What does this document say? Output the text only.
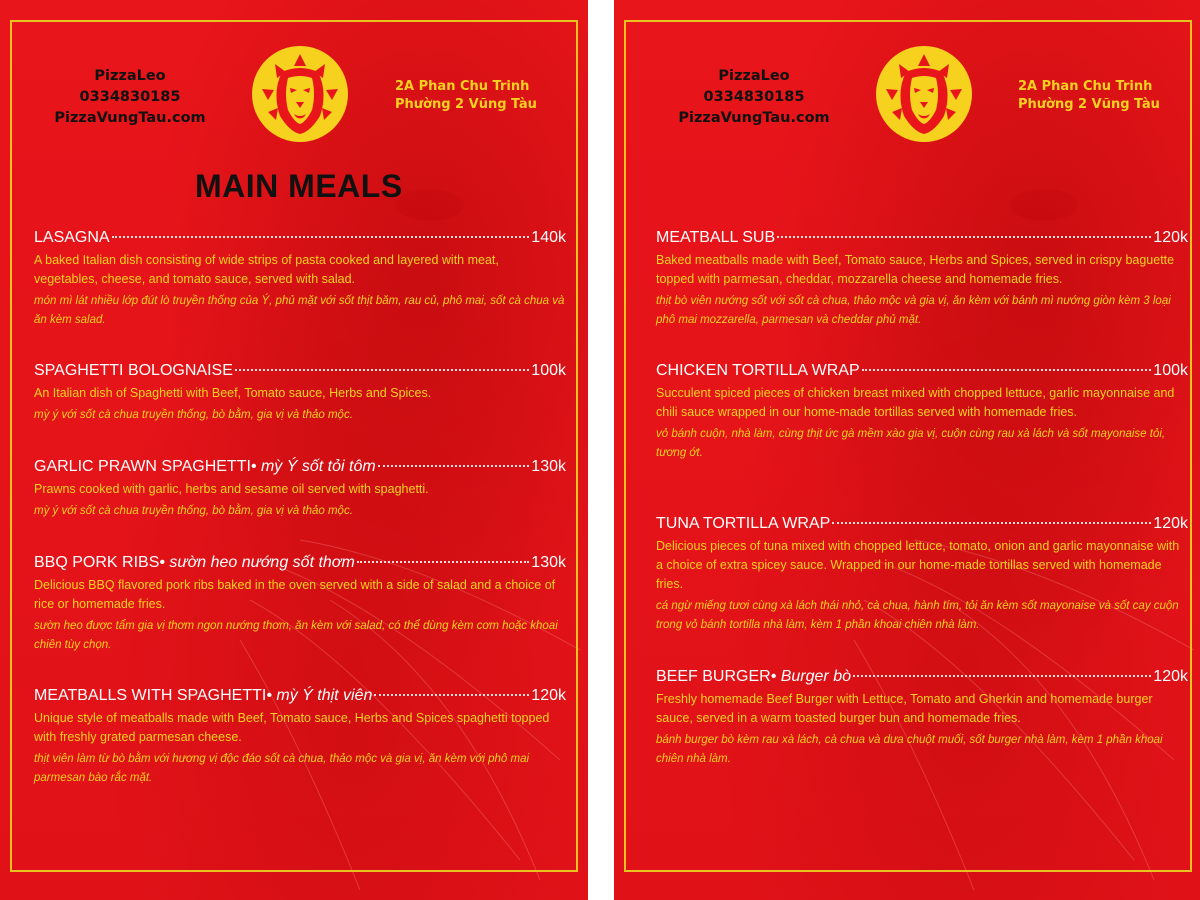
PizzaLeo
0334830185
PizzaVungTau.com
2A Phan Chu Trinh
Phường 2 Vũng Tàu
MAIN MEALS
LASAGNA	140k
A baked Italian dish consisting of wide strips of pasta cooked and layered with meat, vegetables, cheese, and tomato sauce, served with salad.
món mì lát nhiều lớp đút lò truyền thống của Ý, phủ mặt với sốt thịt băm, rau củ, phô mai, sốt cà chua và ăn kèm salad.
SPAGHETTI BOLOGNAISE	100k
An Italian dish of Spaghetti with Beef, Tomato sauce, Herbs and Spices.
mỳ ý với sốt cà chua truyền thống, bò bằm, gia vị và thảo mộc.
GARLIC PRAWN SPAGHETTI • mỳ Ý sốt tỏi tôm	130k
Prawns cooked with garlic, herbs and sesame oil served with spaghetti.
mỳ ý với sốt cà chua truyền thống, bò bằm, gia vị và thảo mộc.
BBQ PORK RIBS • sườn heo nướng sốt thơm	130k
Delicious BBQ flavored pork ribs baked in the oven served with a side of salad and a choice of rice or homemade fries.
sườn heo được tẩm gia vị thơm ngon nướng thơm, ăn kèm với salad, có thể dùng kèm cơm hoặc khoai chiên tùy chọn.
MEATBALLS WITH SPAGHETTI • mỳ Ý thịt viên	120k
Unique style of meatballs made with Beef, Tomato sauce, Herbs and Spices spaghetti topped with freshly grated parmesan cheese.
thịt viên làm từ bò bằm với hương vị độc đáo sốt cà chua, thảo mộc và gia vị, ăn kèm với phô mai parmesan bào rắc mặt.
PizzaLeo
0334830185
PizzaVungTau.com
2A Phan Chu Trinh
Phường 2 Vũng Tàu
MEATBALL SUB	120k
Baked meatballs made with Beef, Tomato sauce, Herbs and Spices, served in crispy baguette topped with parmesan, cheddar, mozzarella cheese and homemade fries.
thịt bò viên nướng sốt với sốt cà chua, thảo mộc và gia vị, ăn kèm với bánh mì nướng giòn kèm 3 loại phô mai mozzarella, parmesan và cheddar phủ mặt.
CHICKEN TORTILLA WRAP	100k
Succulent spiced pieces of chicken breast mixed with chopped lettuce, garlic mayonnaise and chili sauce wrapped in our home-made tortillas served with homemade fries.
vỏ bánh cuộn, nhà làm, cùng thịt ức gà mềm xào gia vị, cuộn cùng rau xà lách và sốt mayonaise tỏi, tương ớt.
TUNA TORTILLA WRAP	120k
Delicious pieces of tuna mixed with chopped lettuce, tomato, onion and garlic mayonnaise with a choice of extra spicey sauce. Wrapped in our home-made tortillas served with homemade fries.
cá ngừ miếng tươi cùng xà lách thái nhỏ, cà chua, hành tím, tỏi ăn kèm sốt mayonaise và sốt cay cuộn trong vỏ bánh tortilla nhà làm, kèm 1 phần khoai chiên nhà làm.
BEEF BURGER • Burger bò	120k
Freshly homemade Beef Burger with Lettuce, Tomato and Gherkin and homemade burger sauce, served in a warm toasted burger bun and homemade fries.
bánh burger bò kèm rau xà lách, cà chua và dưa chuột muối, sốt burger nhà làm, kèm 1 phần khoai chiên nhà làm.
